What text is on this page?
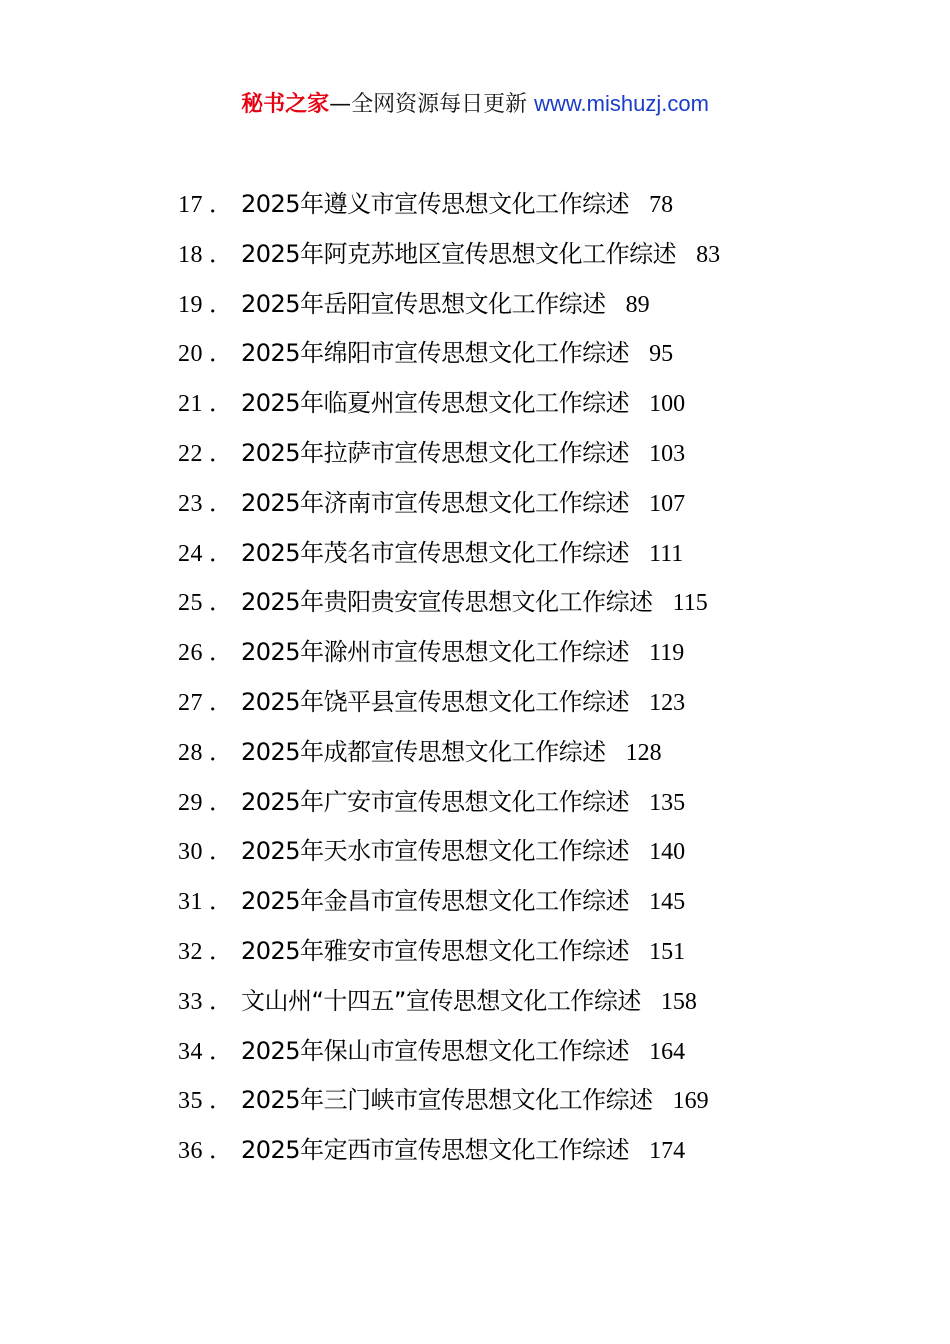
秘书之家—全网资源每日更新 www.mishuzj.com
17 ． 2025年遵义市宣传思想文化工作综述 78
18 ． 2025年阿克苏地区宣传思想文化工作综述 83
19 ． 2025年岳阳宣传思想文化工作综述 89
20 ． 2025年绵阳市宣传思想文化工作综述 95
21 ． 2025年临夏州宣传思想文化工作综述 100
22 ． 2025年拉萨市宣传思想文化工作综述 103
23 ． 2025年济南市宣传思想文化工作综述 107
24 ． 2025年茂名市宣传思想文化工作综述 111
25 ． 2025年贵阳贵安宣传思想文化工作综述 115
26 ． 2025年滁州市宣传思想文化工作综述 119
27 ． 2025年饶平县宣传思想文化工作综述 123
28 ． 2025年成都宣传思想文化工作综述 128
29 ． 2025年广安市宣传思想文化工作综述 135
30 ． 2025年天水市宣传思想文化工作综述 140
31 ． 2025年金昌市宣传思想文化工作综述 145
32 ． 2025年雅安市宣传思想文化工作综述 151
33 ． 文山州“十四五”宣传思想文化工作综述 158
34 ． 2025年保山市宣传思想文化工作综述 164
35 ． 2025年三门峡市宣传思想文化工作综述 169
36 ． 2025年定西市宣传思想文化工作综述 174
